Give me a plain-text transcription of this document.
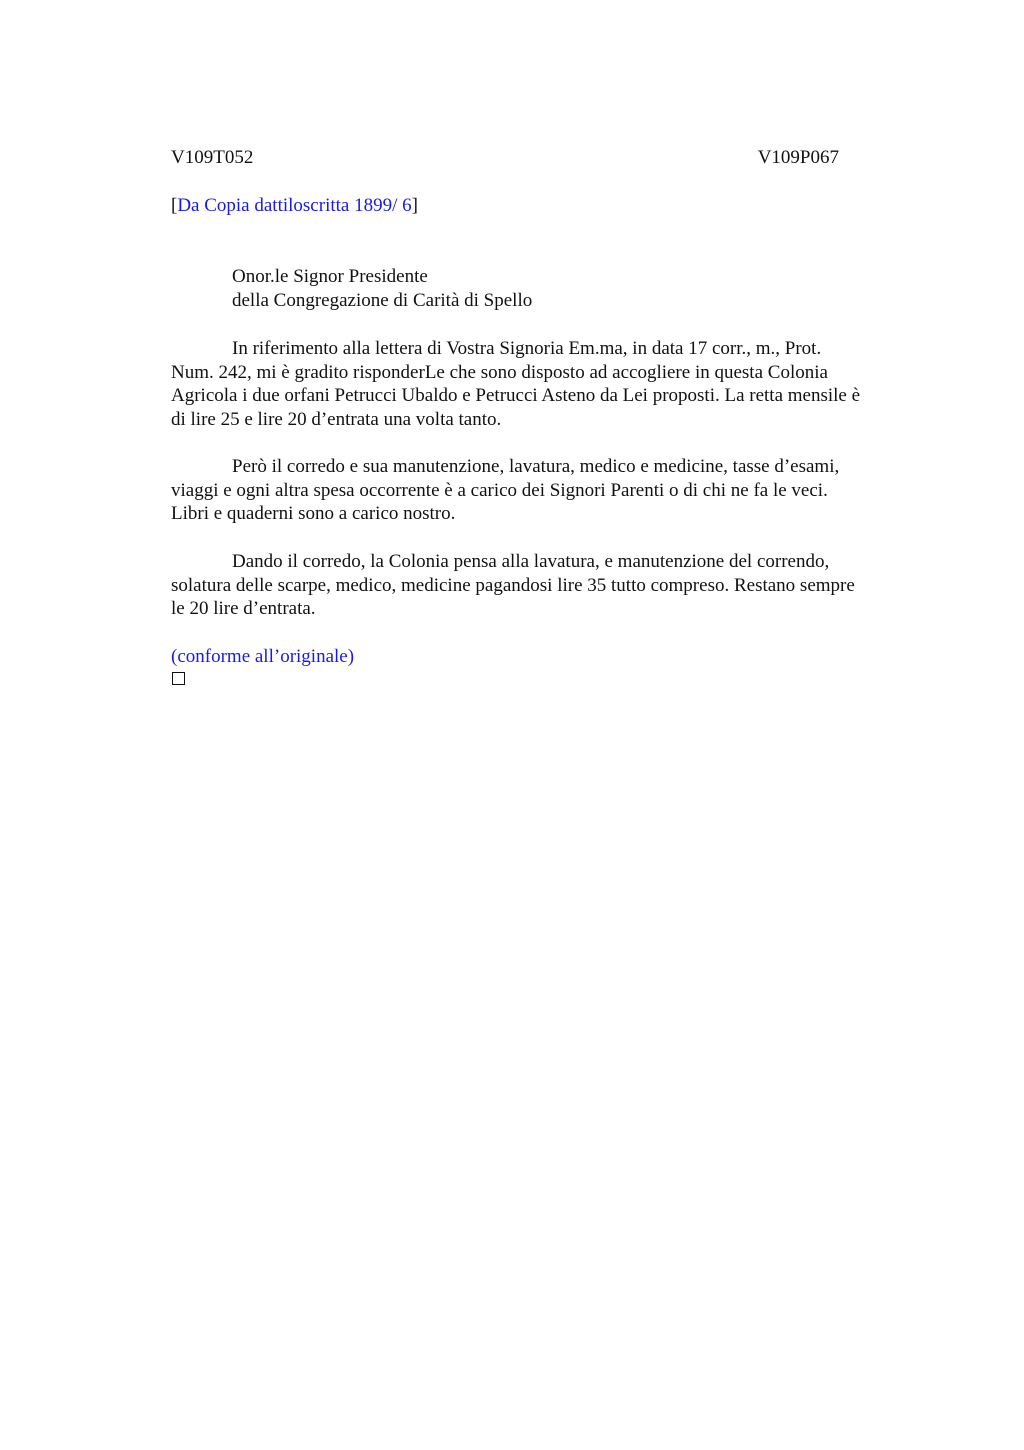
V109T052	V109P067
[Da Copia dattiloscritta 1899/ 6]
Onor.le Signor Presidente
della Congregazione di Carità di Spello
In riferimento alla lettera di Vostra Signoria Em.ma, in data 17 corr., m., Prot.
Num. 242, mi è gradito risponderLe che sono disposto ad accogliere in questa Colonia
Agricola i due orfani Petrucci Ubaldo e Petrucci Asteno da Lei proposti. La retta mensile è
di lire 25 e lire 20 d’entrata una volta tanto.
Però il corredo e sua manutenzione, lavatura, medico e medicine, tasse d’esami,
viaggi e ogni altra spesa occorrente è a carico dei Signori Parenti o di chi ne fa le veci.
Libri e quaderni sono a carico nostro.
Dando il corredo, la Colonia pensa alla lavatura, e manutenzione del correndo,
solatura delle scarpe, medico, medicine pagandosi lire 35 tutto compreso. Restano sempre
le 20 lire d’entrata.
(conforme all’originale)
